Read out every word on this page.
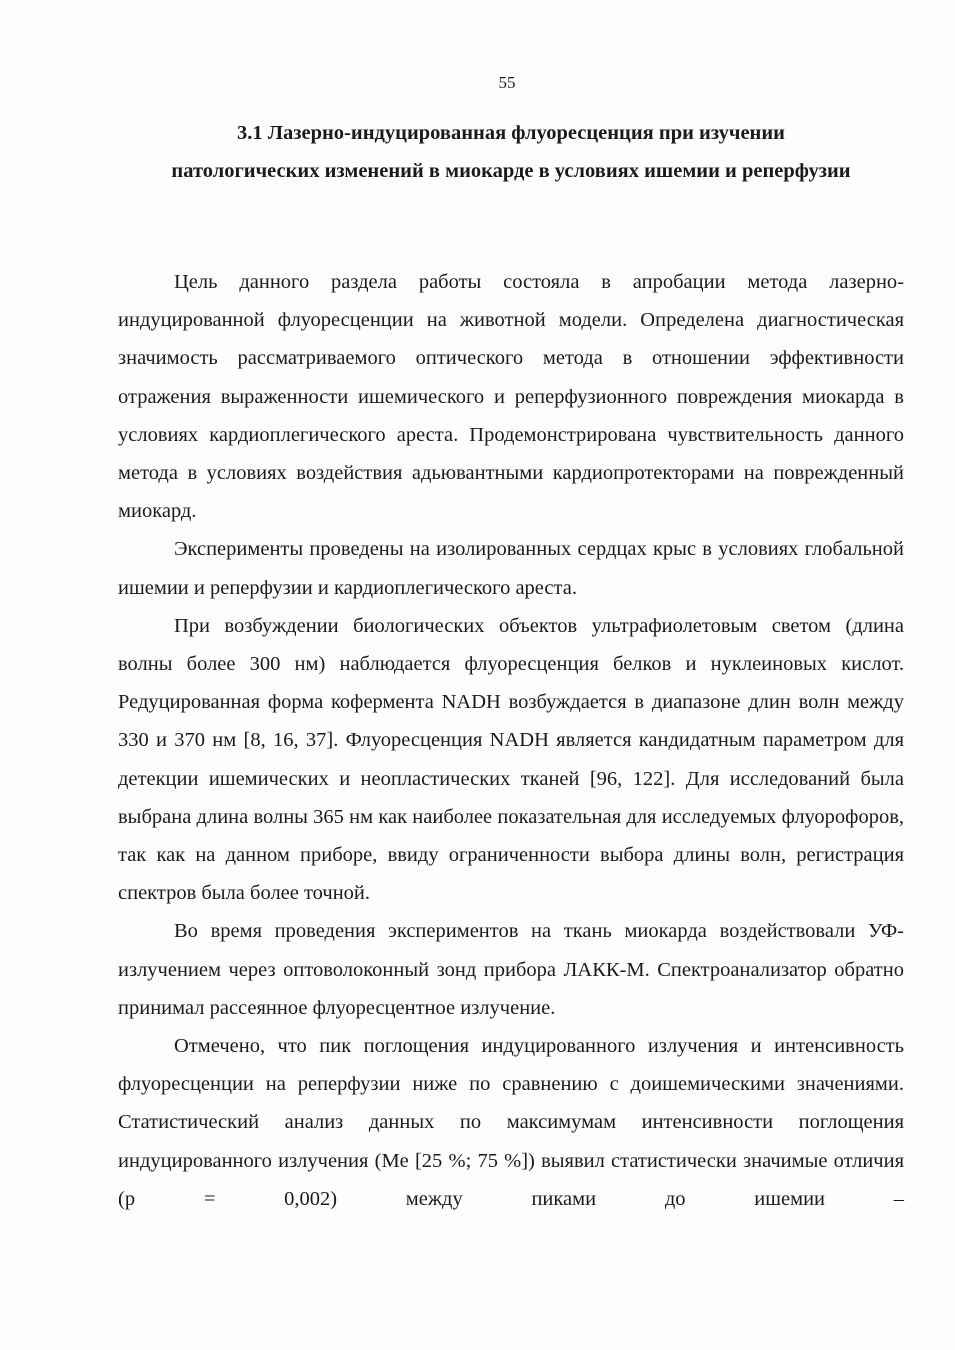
55
3.1 Лазерно-индуцированная флуоресценция при изучении
патологических изменений в миокарде в условиях ишемии и реперфузии

Цель данного раздела работы состояла в апробации метода лазерно-индуцированной флуоресценции на животной модели. Определена диагностическая значимость рассматриваемого оптического метода в отношении эффективности отражения выраженности ишемического и реперфузионного повреждения миокарда в условиях кардиоплегического ареста. Продемонстрирована чувствительность данного метода в условиях воздействия адьювантными кардиопротекторами на поврежденный миокард.

Эксперименты проведены на изолированных сердцах крыс в условиях глобальной ишемии и реперфузии и кардиоплегического ареста.

При возбуждении биологических объектов ультрафиолетовым светом (длина волны более 300 нм) наблюдается флуоресценция белков и нуклеиновых кислот. Редуцированная форма кофермента NADH возбуждается в диапазоне длин волн между 330 и 370 нм [8, 16, 37]. Флуоресценция NADH является кандидатным параметром для детекции ишемических и неопластических тканей [96, 122]. Для исследований была выбрана длина волны 365 нм как наиболее показательная для исследуемых флуорофоров, так как на данном приборе, ввиду ограниченности выбора длины волн, регистрация спектров была более точной.

Во время проведения экспериментов на ткань миокарда воздействовали УФ-излучением через оптоволоконный зонд прибора ЛАКК-М. Спектроанализатор обратно принимал рассеянное флуоресцентное излучение.

Отмечено, что пик поглощения индуцированного излучения и интенсивность флуоресценции на реперфузии ниже по сравнению с доишемическими значениями. Статистический анализ данных по максимумам интенсивности поглощения индуцированного излучения (Me [25 %; 75 %]) выявил статистически значимые отличия (p = 0,002) между пиками до ишемии –
